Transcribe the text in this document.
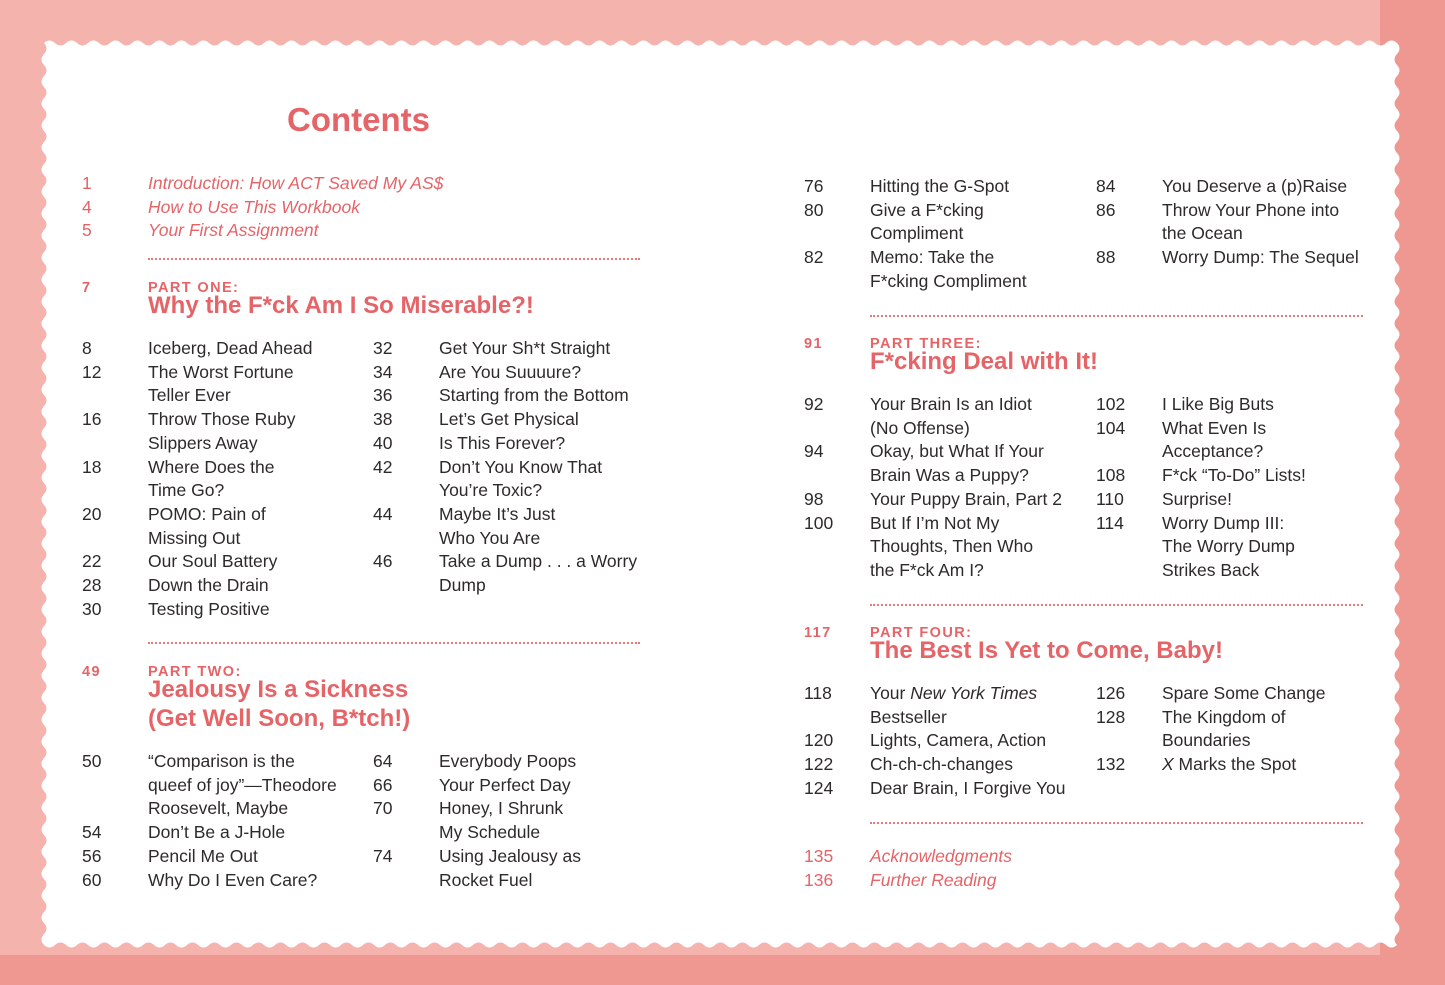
Contents
1	Introduction: How ACT Saved My AS$
4	How to Use This Workbook
5	Your First Assignment
7	PART ONE:
Why the F*ck Am I So Miserable?!
8	Iceberg, Dead Ahead
12	The Worst Fortune
Teller Ever
16	Throw Those Ruby
Slippers Away
18	Where Does the
Time Go?
20	POMO: Pain of
Missing Out
22	Our Soul Battery
28	Down the Drain
30	Testing Positive
32	Get Your Sh*t Straight
34	Are You Suuuure?
36	Starting from the Bottom
38	Let’s Get Physical
40	Is This Forever?
42	Don’t You Know That
You’re Toxic?
44	Maybe It’s Just
Who You Are
46	Take a Dump . . . a Worry
Dump
49	PART TWO:
Jealousy Is a Sickness
(Get Well Soon, B*tch!)
50	“Comparison is the
queef of joy”—Theodore
Roosevelt, Maybe
54	Don’t Be a J-Hole
56	Pencil Me Out
60	Why Do I Even Care?
64	Everybody Poops
66	Your Perfect Day
70	Honey, I Shrunk
My Schedule
74	Using Jealousy as
Rocket Fuel
76	Hitting the G-Spot
80	Give a F*cking
Compliment
82	Memo: Take the
F*cking Compliment
84	You Deserve a (p)Raise
86	Throw Your Phone into
the Ocean
88	Worry Dump: The Sequel
91	PART THREE:
F*cking Deal with It!
92	Your Brain Is an Idiot
(No Offense)
94	Okay, but What If Your
Brain Was a Puppy?
98	Your Puppy Brain, Part 2
100 But If I’m Not My
Thoughts, Then Who
the F*ck Am I?
102 I Like Big Buts
104 What Even Is
Acceptance?
108 F*ck “To-Do” Lists!
110 Surprise!
114 Worry Dump III:
The Worry Dump
Strikes Back
117	PART FOUR:
The Best Is Yet to Come, Baby!
118 Your New York Times
Bestseller
120 Lights, Camera, Action
122 Ch-ch-ch-changes
124 Dear Brain, I Forgive You
126 Spare Some Change
128 The Kingdom of
Boundaries
132 X Marks the Spot
135 Acknowledgments
136 Further Reading
